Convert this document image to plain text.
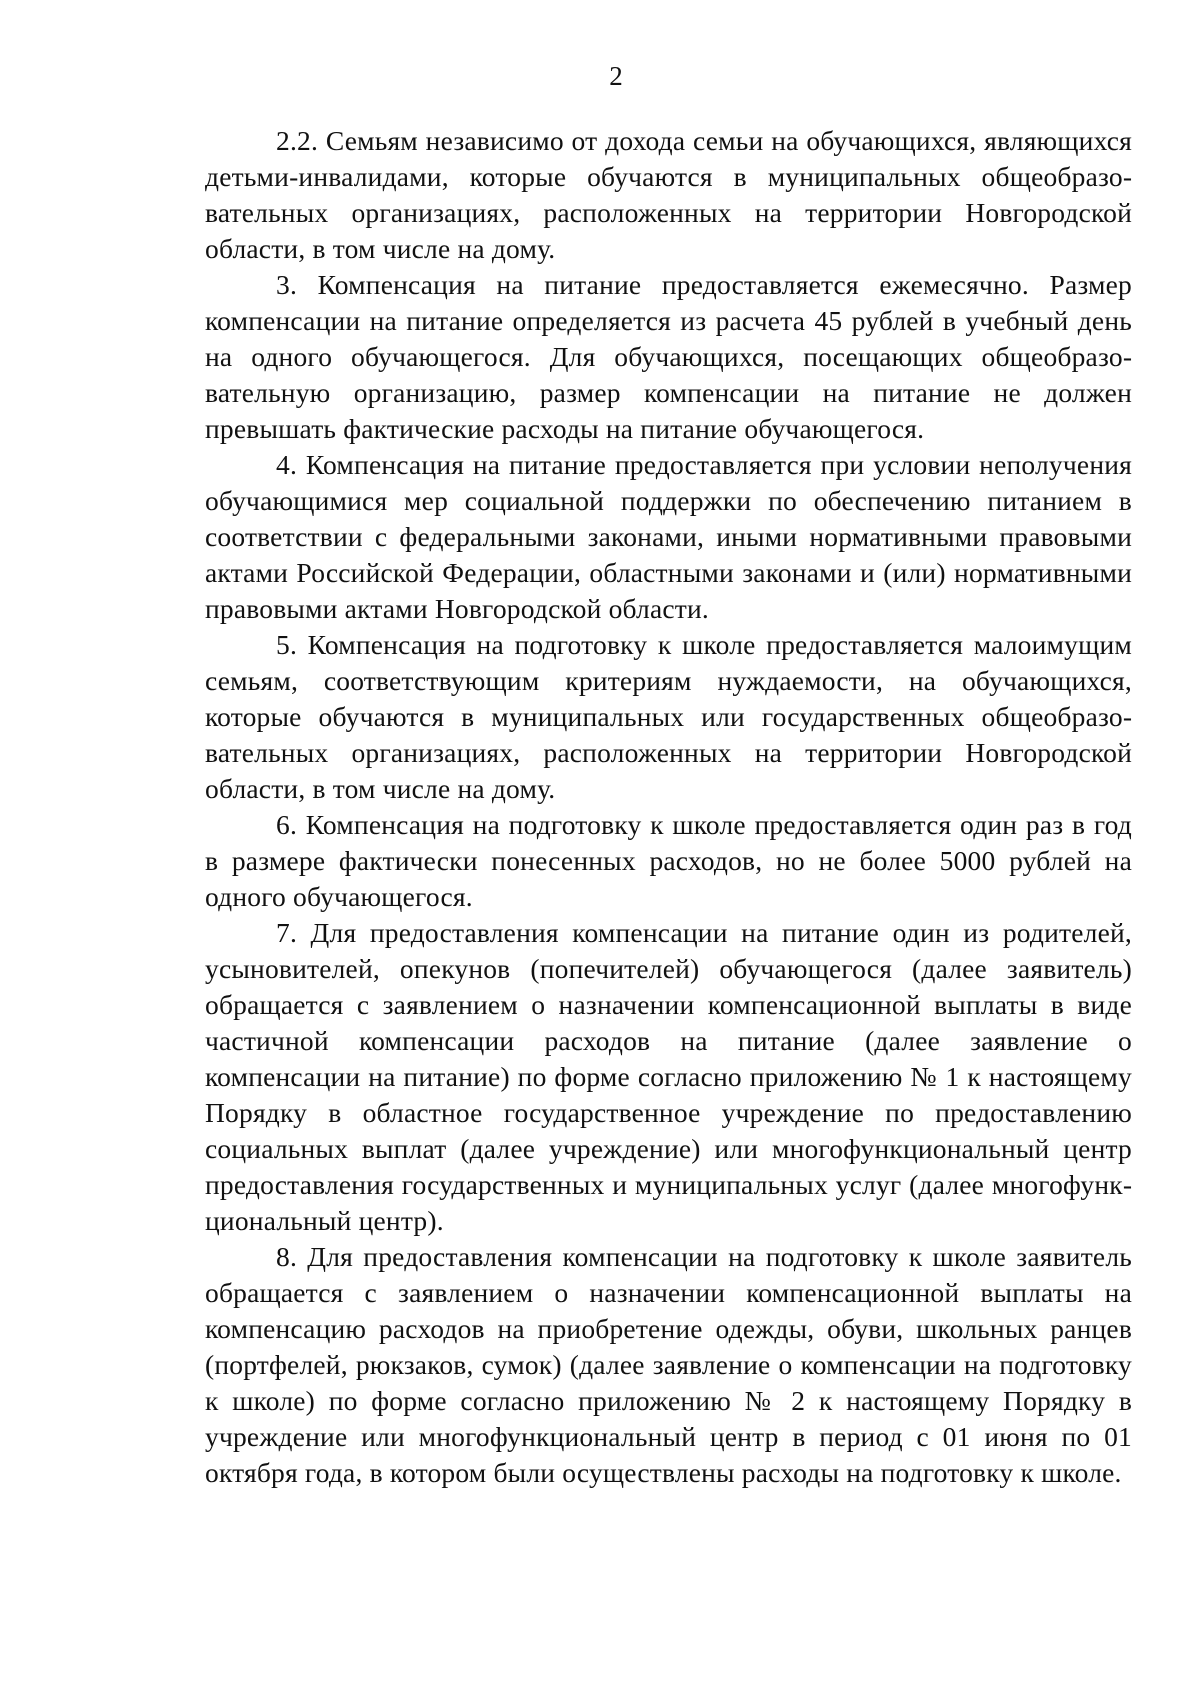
2

2.2. Семьям независимо от дохода семьи на обучающихся, являющихся детьми-инвалидами, которые обучаются в муниципальных общеобразовательных организациях, расположенных на территории Новгородской области, в том числе на дому.

3. Компенсация на питание предоставляется ежемесячно. Размер компенсации на питание определяется из расчета 45 рублей в учебный день на одного обучающегося. Для обучающихся, посещающих общеобразовательную организацию, размер компенсации на питание не должен превышать фактические расходы на питание обучающегося.

4. Компенсация на питание предоставляется при условии неполучения обучающимися мер социальной поддержки по обеспечению питанием в соответствии с федеральными законами, иными нормативными правовыми актами Российской Федерации, областными законами и (или) нормативными правовыми актами Новгородской области.

5. Компенсация на подготовку к школе предоставляется малоимущим семьям, соответствующим критериям нуждаемости, на обучающихся, которые обучаются в муниципальных или государственных общеобразовательных организациях, расположенных на территории Новгородской области, в том числе на дому.

6. Компенсация на подготовку к школе предоставляется один раз в год в размере фактически понесенных расходов, но не более 5000 рублей на одного обучающегося.

7. Для предоставления компенсации на питание один из родителей, усыновителей, опекунов (попечителей) обучающегося (далее заявитель) обращается с заявлением о назначении компенсационной выплаты в виде частичной компенсации расходов на питание (далее заявление о компенсации на питание) по форме согласно приложению № 1 к настоящему Порядку в областное государственное учреждение по предоставлению социальных выплат (далее учреждение) или многофункциональный центр предоставления государственных и муниципальных услуг (далее многофункциональный центр).

8. Для предоставления компенсации на подготовку к школе заявитель обращается с заявлением о назначении компенсационной выплаты на компенсацию расходов на приобретение одежды, обуви, школьных ранцев (портфелей, рюкзаков, сумок) (далее заявление о компенсации на подготовку к школе) по форме согласно приложению № 2 к настоящему Порядку в учреждение или многофункциональный центр в период с 01 июня по 01 октября года, в котором были осуществлены расходы на подготовку к школе.
